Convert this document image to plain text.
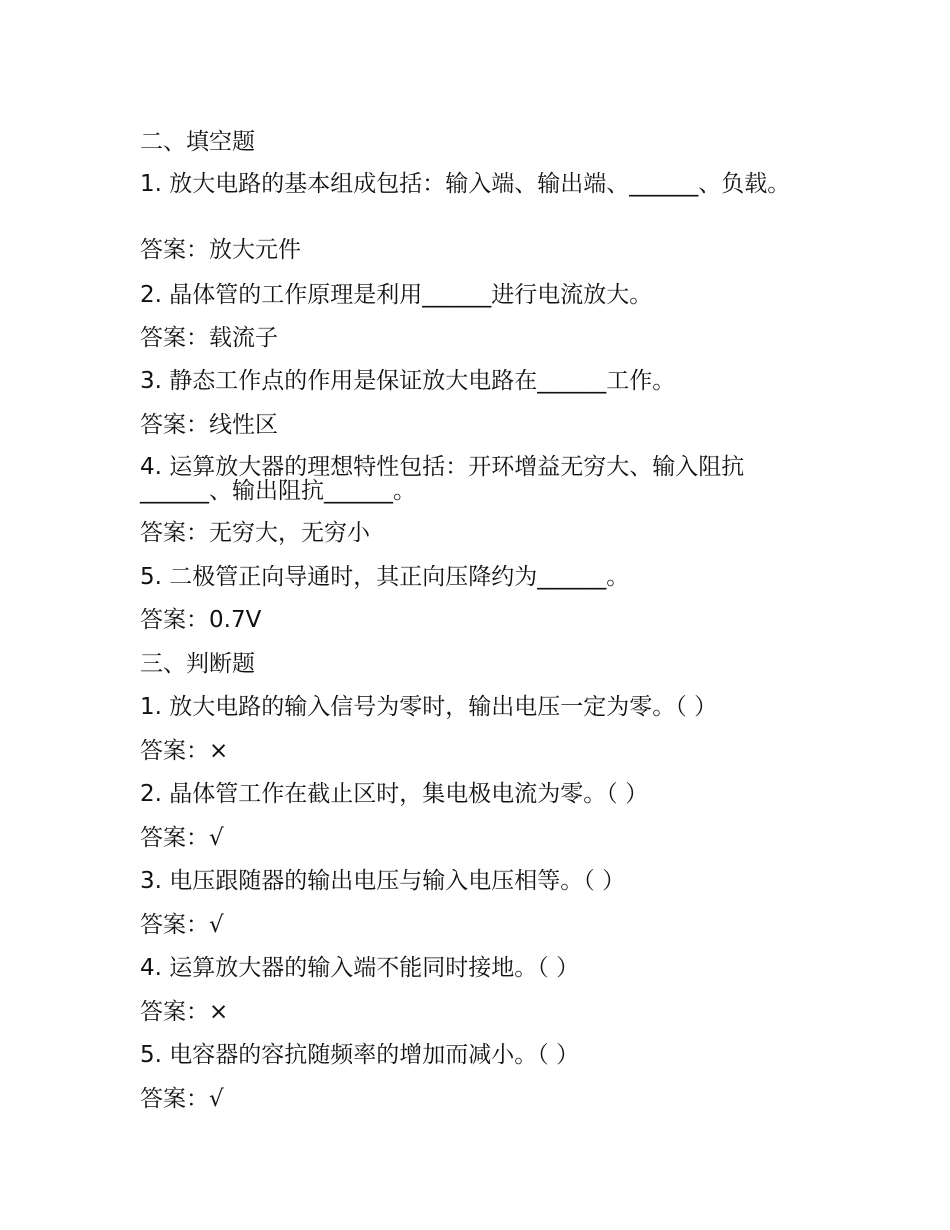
二、填空题
1. 放大电路的基本组成包括：输入端、输出端、______、负载。
答案：放大元件
2. 晶体管的工作原理是利用______进行电流放大。
答案：载流子
3. 静态工作点的作用是保证放大电路在______工作。
答案：线性区
4. 运算放大器的理想特性包括：开环增益无穷大、输入阻抗______、输出阻抗______。
答案：无穷大，无穷小
5. 二极管正向导通时，其正向压降约为______。
答案：0.7V
三、判断题
1. 放大电路的输入信号为零时，输出电压一定为零。（ ）
答案：×
2. 晶体管工作在截止区时，集电极电流为零。（ ）
答案：√
3. 电压跟随器的输出电压与输入电压相等。（ ）
答案：√
4. 运算放大器的输入端不能同时接地。（ ）
答案：×
5. 电容器的容抗随频率的增加而减小。（ ）
答案：√
